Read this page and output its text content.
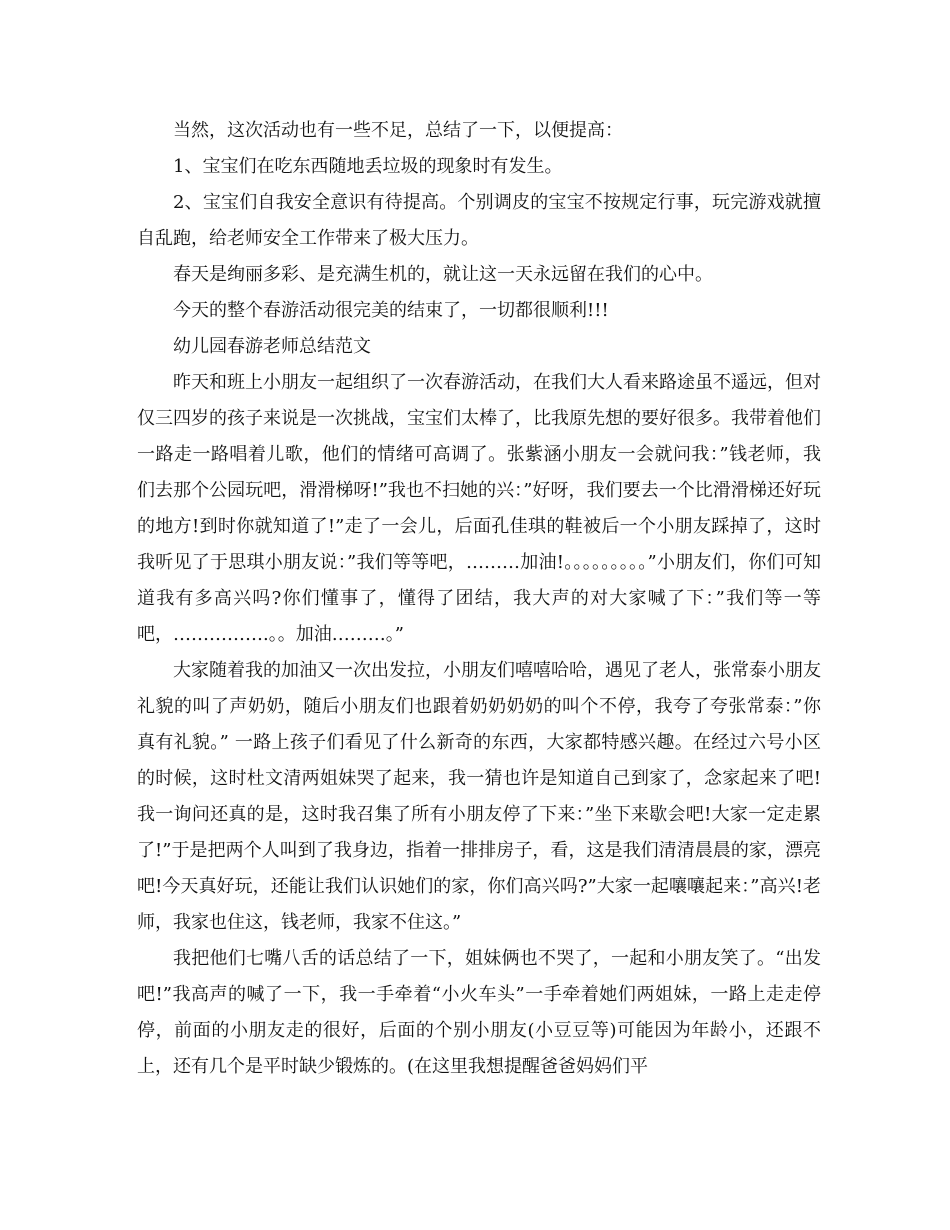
当然，这次活动也有一些不足，总结了一下，以便提高：

1、宝宝们在吃东西随地丢垃圾的现象时有发生。

2、宝宝们自我安全意识有待提高。个别调皮的宝宝不按规定行事，玩完游戏就擅自乱跑，给老师安全工作带来了极大压力。

春天是绚丽多彩、是充满生机的，就让这一天永远留在我们的心中。

今天的整个春游活动很完美的结束了，一切都很顺利!!!

幼儿园春游老师总结范文

昨天和班上小朋友一起组织了一次春游活动，在我们大人看来路途虽不遥远，但对仅三四岁的孩子来说是一次挑战，宝宝们太棒了，比我原先想的要好很多。我带着他们一路走一路唱着儿歌，他们的情绪可高调了。张紫涵小朋友一会就问我：”钱老师，我们去那个公园玩吧，滑滑梯呀!”我也不扫她的兴：”好呀，我们要去一个比滑滑梯还好玩的地方!到时你就知道了!”走了一会儿，后面孔佳琪的鞋被后一个小朋友踩掉了，这时我听见了于思琪小朋友说：”我们等等吧，………加油!。。。。。。。。。”小朋友们，你们可知道我有多高兴吗?你们懂事了，懂得了团结，我大声的对大家喊了下：”我们等一等吧，…………….。。加油………。”

大家随着我的加油又一次出发拉，小朋友们嘻嘻哈哈，遇见了老人，张常泰小朋友礼貌的叫了声奶奶，随后小朋友们也跟着奶奶奶奶的叫个不停，我夸了夸张常泰：”你真有礼貌。” 一路上孩子们看见了什么新奇的东西，大家都特感兴趣。在经过六号小区的时候，这时杜文清两姐妹哭了起来，我一猜也许是知道自己到家了，念家起来了吧!我一询问还真的是，这时我召集了所有小朋友停了下来：”坐下来歇会吧!大家一定走累了!”于是把两个人叫到了我身边，指着一排排房子，看，这是我们清清晨晨的家，漂亮吧!今天真好玩，还能让我们认识她们的家，你们高兴吗?”大家一起嚷嚷起来：”高兴!老师，我家也住这，钱老师，我家不住这。”

我把他们七嘴八舌的话总结了一下，姐妹俩也不哭了，一起和小朋友笑了。“出发吧!”我高声的喊了一下，我一手牵着“小火车头”一手牵着她们两姐妹，一路上走走停停，前面的小朋友走的很好，后面的个别小朋友(小豆豆等)可能因为年龄小，还跟不上，还有几个是平时缺少锻炼的。(在这里我想提醒爸爸妈妈们平
